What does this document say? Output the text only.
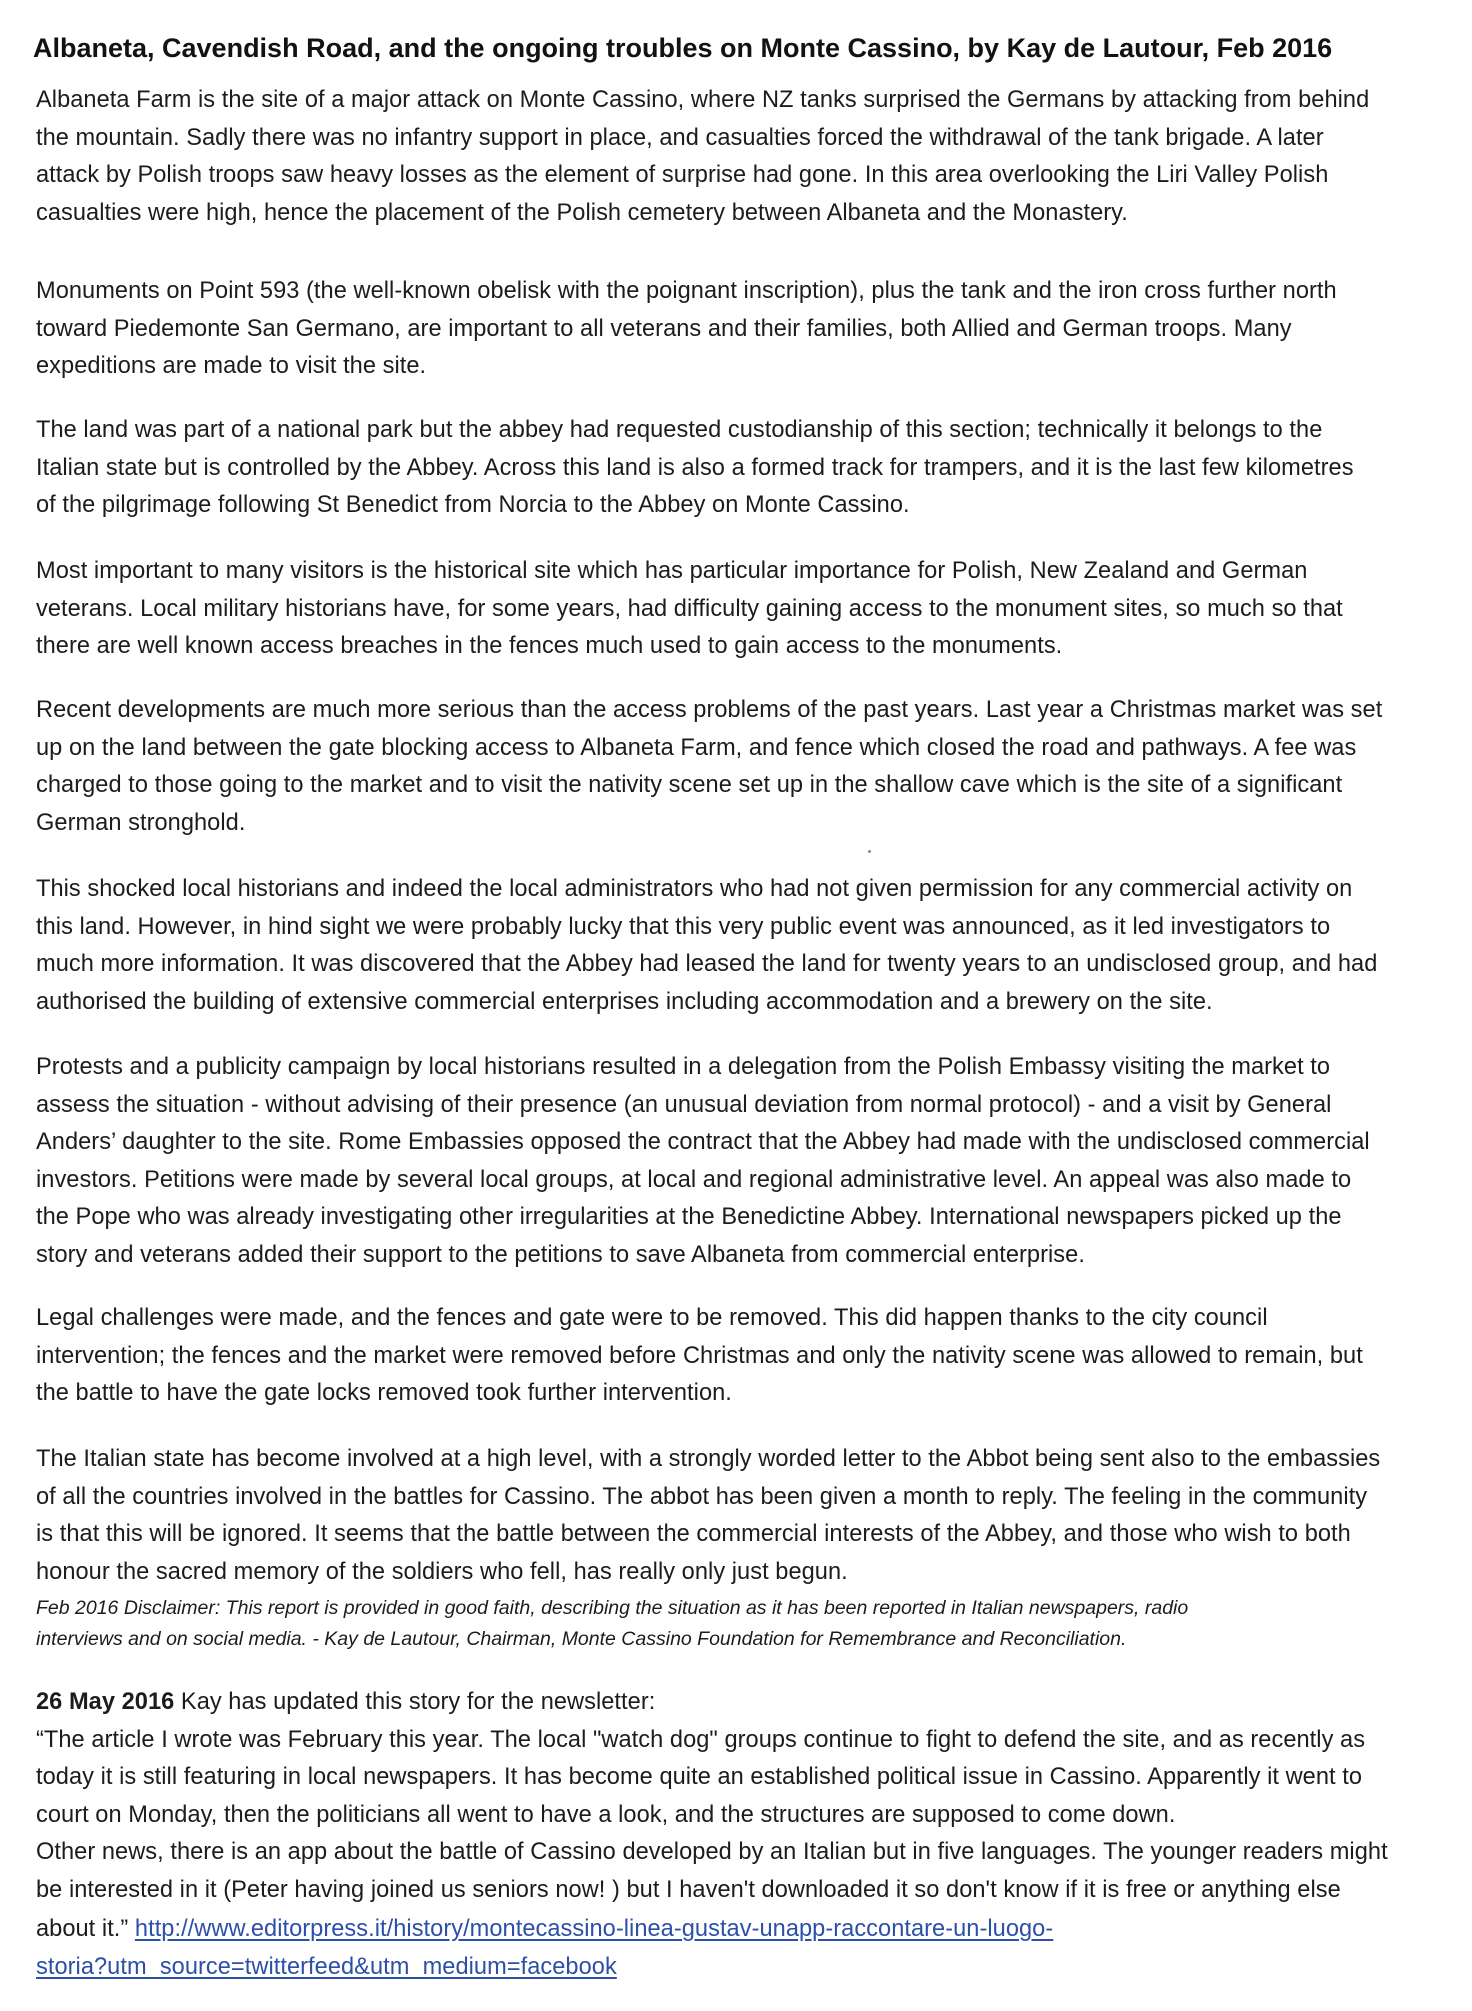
Albaneta, Cavendish Road, and the ongoing troubles on Monte Cassino, by Kay de Lautour, Feb 2016
Albaneta Farm is the site of a major attack on Monte Cassino, where NZ tanks surprised the Germans by attacking from behind
the mountain. Sadly there was no infantry support in place, and casualties forced the withdrawal of the tank brigade. A later
attack by Polish troops saw heavy losses as the element of surprise had gone. In this area overlooking the Liri Valley Polish
casualties were high, hence the placement of the Polish cemetery between Albaneta and the Monastery.
Monuments on Point 593 (the well-known obelisk with the poignant inscription), plus the tank and the iron cross further north
toward Piedemonte San Germano, are important to all veterans and their families, both Allied and German troops. Many
expeditions are made to visit the site.
The land was part of a national park but the abbey had requested custodianship of this section; technically it belongs to the
Italian state but is controlled by the Abbey. Across this land is also a formed track for trampers, and it is the last few kilometres
of the pilgrimage following St Benedict from Norcia to the Abbey on Monte Cassino.
Most important to many visitors is the historical site which has particular importance for Polish, New Zealand and German
veterans. Local military historians have, for some years, had difficulty gaining access to the monument sites, so much so that
there are well known access breaches in the fences much used to gain access to the monuments.
Recent developments are much more serious than the access problems of the past years. Last year a Christmas market was set
up on the land between the gate blocking access to Albaneta Farm, and fence which closed the road and pathways. A fee was
charged to those going to the market and to visit the nativity scene set up in the shallow cave which is the site of a significant
German stronghold.
This shocked local historians and indeed the local administrators who had not given permission for any commercial activity on
this land. However, in hind sight we were probably lucky that this very public event was announced, as it led investigators to
much more information. It was discovered that the Abbey had leased the land for twenty years to an undisclosed group, and had
authorised the building of extensive commercial enterprises including accommodation and a brewery on the site.
Protests and a publicity campaign by local historians resulted in a delegation from the Polish Embassy visiting the market to
assess the situation - without advising of their presence (an unusual deviation from normal protocol) - and a visit by General
Anders’ daughter to the site. Rome Embassies opposed the contract that the Abbey had made with the undisclosed commercial
investors. Petitions were made by several local groups, at local and regional administrative level. An appeal was also made to
the Pope who was already investigating other irregularities at the Benedictine Abbey. International newspapers picked up the
story and veterans added their support to the petitions to save Albaneta from commercial enterprise.
Legal challenges were made, and the fences and gate were to be removed. This did happen thanks to the city council
intervention; the fences and the market were removed before Christmas and only the nativity scene was allowed to remain, but
the battle to have the gate locks removed took further intervention.
The Italian state has become involved at a high level, with a strongly worded letter to the Abbot being sent also to the embassies
of all the countries involved in the battles for Cassino. The abbot has been given a month to reply. The feeling in the community
is that this will be ignored. It seems that the battle between the commercial interests of the Abbey, and those who wish to both
honour the sacred memory of the soldiers who fell, has really only just begun.
Feb 2016 Disclaimer: This report is provided in good faith, describing the situation as it has been reported in Italian newspapers, radio
interviews and on social media. - Kay de Lautour, Chairman, Monte Cassino Foundation for Remembrance and Reconciliation.
26 May 2016 Kay has updated this story for the newsletter:
“The article I wrote was February this year. The local "watch dog" groups continue to fight to defend the site, and as recently as
today it is still featuring in local newspapers. It has become quite an established political issue in Cassino. Apparently it went to
court on Monday, then the politicians all went to have a look, and the structures are supposed to come down.
Other news, there is an app about the battle of Cassino developed by an Italian but in five languages. The younger readers might
be interested in it (Peter having joined us seniors now! ) but I haven't downloaded it so don't know if it is free or anything else
about it.” http://www.editorpress.it/history/montecassino-linea-gustav-unapp-raccontare-un-luogo-
storia?utm_source=twitterfeed&utm_medium=facebook
